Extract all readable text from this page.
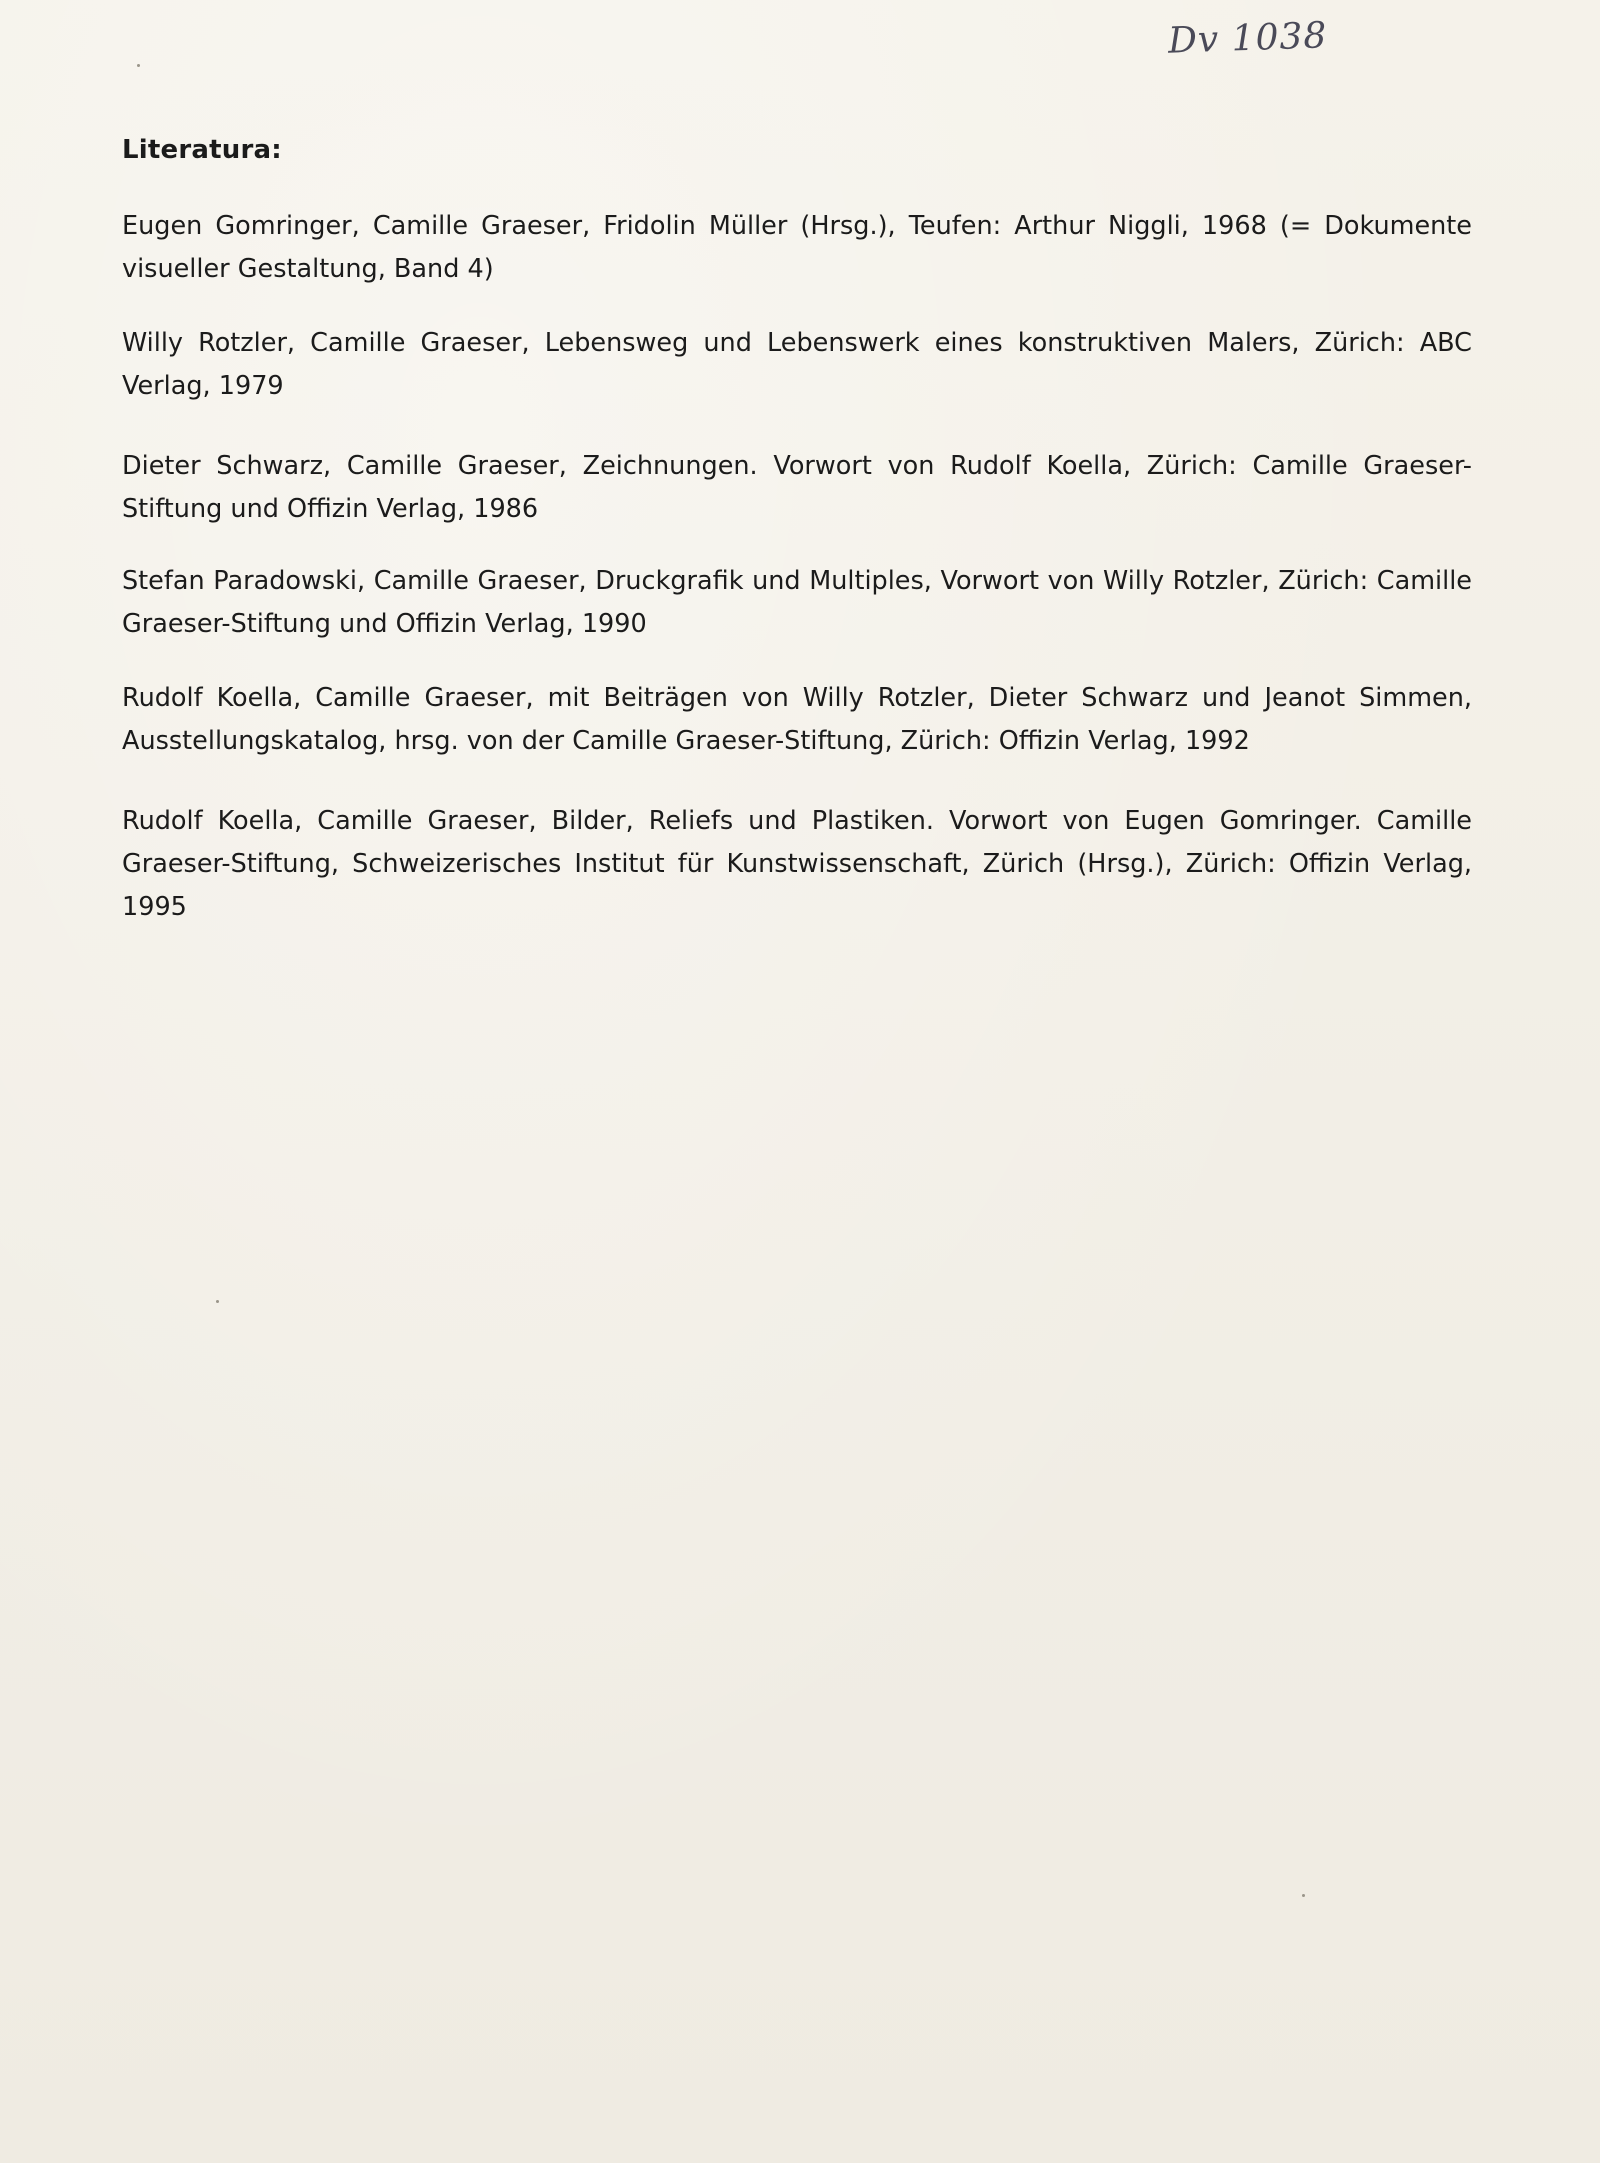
Dv 1038
Literatura:

Eugen Gomringer, Camille Graeser, Fridolin Müller (Hrsg.), Teufen: Arthur Niggli, 1968 (= Dokumente visueller Gestaltung, Band 4)

Willy Rotzler, Camille Graeser, Lebensweg und Lebenswerk eines konstruktiven Malers, Zürich: ABC Verlag, 1979

Dieter Schwarz, Camille Graeser, Zeichnungen. Vorwort von Rudolf Koella, Zürich: Camille Graeser-Stiftung und Offizin Verlag, 1986

Stefan Paradowski, Camille Graeser, Druckgrafik und Multiples, Vorwort von Willy Rotzler, Zürich: Camille Graeser-Stiftung und Offizin Verlag, 1990

Rudolf Koella, Camille Graeser, mit Beiträgen von Willy Rotzler, Dieter Schwarz und Jeanot Simmen, Ausstellungskatalog, hrsg. von der Camille Graeser-Stiftung, Zürich: Offizin Verlag, 1992

Rudolf Koella, Camille Graeser, Bilder, Reliefs und Plastiken. Vorwort von Eugen Gomringer. Camille Graeser-Stiftung, Schweizerisches Institut für Kunstwissenschaft, Zürich (Hrsg.), Zürich: Offizin Verlag, 1995
